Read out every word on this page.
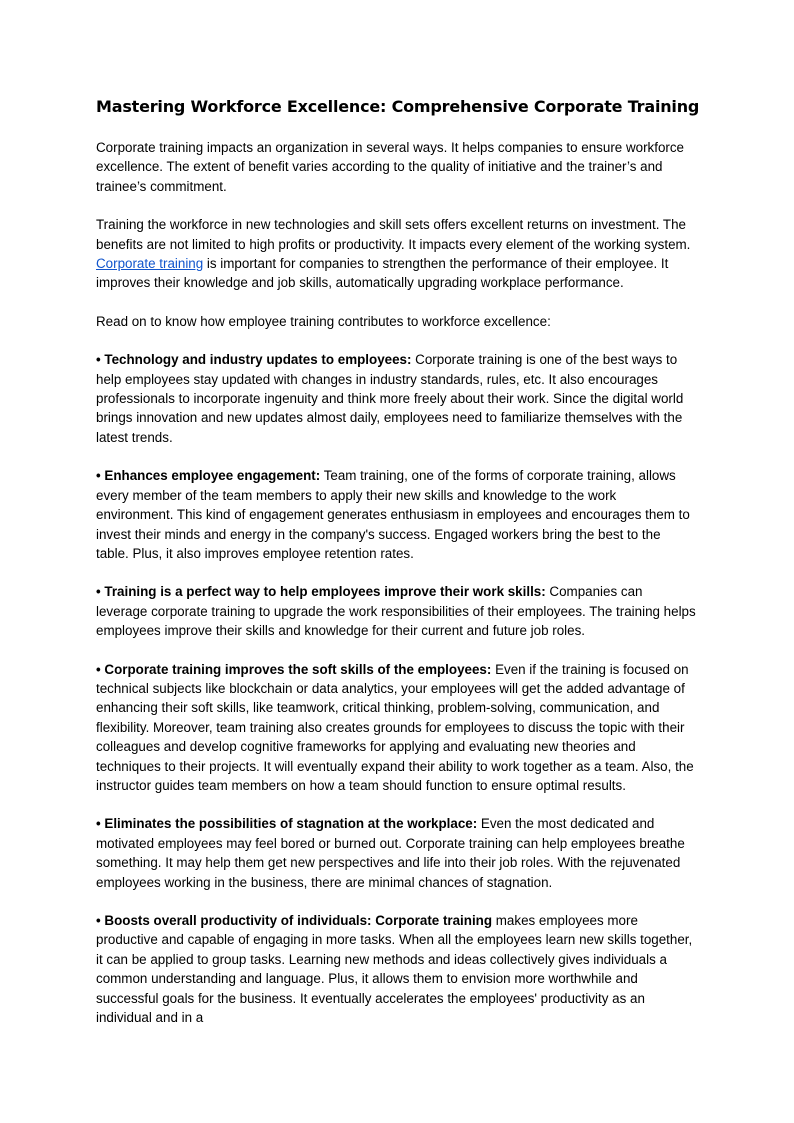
Mastering Workforce Excellence: Comprehensive Corporate Training

Corporate training impacts an organization in several ways. It helps companies to ensure workforce excellence. The extent of benefit varies according to the quality of initiative and the trainer’s and trainee’s commitment.

Training the workforce in new technologies and skill sets offers excellent returns on investment. The benefits are not limited to high profits or productivity. It impacts every element of the working system. Corporate training is important for companies to strengthen the performance of their employee. It improves their knowledge and job skills, automatically upgrading workplace performance.

Read on to know how employee training contributes to workforce excellence:

• Technology and industry updates to employees: Corporate training is one of the best ways to help employees stay updated with changes in industry standards, rules, etc. It also encourages professionals to incorporate ingenuity and think more freely about their work. Since the digital world brings innovation and new updates almost daily, employees need to familiarize themselves with the latest trends.

• Enhances employee engagement: Team training, one of the forms of corporate training, allows every member of the team members to apply their new skills and knowledge to the work environment. This kind of engagement generates enthusiasm in employees and encourages them to invest their minds and energy in the company's success. Engaged workers bring the best to the table. Plus, it also improves employee retention rates.

• Training is a perfect way to help employees improve their work skills: Companies can leverage corporate training to upgrade the work responsibilities of their employees. The training helps employees improve their skills and knowledge for their current and future job roles.

• Corporate training improves the soft skills of the employees: Even if the training is focused on technical subjects like blockchain or data analytics, your employees will get the added advantage of enhancing their soft skills, like teamwork, critical thinking, problem-solving, communication, and flexibility. Moreover, team training also creates grounds for employees to discuss the topic with their colleagues and develop cognitive frameworks for applying and evaluating new theories and techniques to their projects. It will eventually expand their ability to work together as a team. Also, the instructor guides team members on how a team should function to ensure optimal results.

• Eliminates the possibilities of stagnation at the workplace: Even the most dedicated and motivated employees may feel bored or burned out. Corporate training can help employees breathe something. It may help them get new perspectives and life into their job roles. With the rejuvenated employees working in the business, there are minimal chances of stagnation.

• Boosts overall productivity of individuals: Corporate training makes employees more productive and capable of engaging in more tasks. When all the employees learn new skills together, it can be applied to group tasks. Learning new methods and ideas collectively gives individuals a common understanding and language. Plus, it allows them to envision more worthwhile and successful goals for the business. It eventually accelerates the employees' productivity as an individual and in a
